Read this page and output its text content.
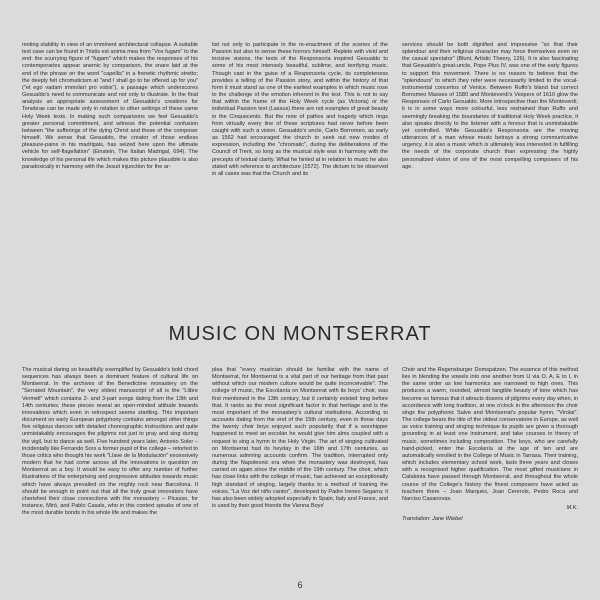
moting stability in view of an imminent architectural collapse. A suitable test case can be found in Tristis est anima mea from "Vos fugam" to the end: the scurrying figure of "fugam" which makes the responses of his contemporaries appear anemic by comparison, the snare laid at the end of the phrase on the word "capellis" in a frenetic rhythmic stretto; the deeply felt chromaticism at "and I shall go to be offered up for you" ("et ego vadam immolari pro vobis"), a passage which underscores Gesualdo's need to communicate and not only to illustrate. In the final analysis an appropriate assessment of Gesualdo's creations for Tenebrae can be made only in relation to other settings of these same Holy Week texts. In making such comparisons we feel Gesualdo's greater personal commitment, and witness the potential confusion between "the sufferings of the dying Christ and those of the composer himself. We sense that Gesualdo, the creator of those endless pleasure-pains in his madrigals, has seized here upon the ultimate vehicle for self-flagellation" (Einstein, The Italian Madrigal, 694). The knowledge of his personal life which makes this picture plausible is also paradoxically in harmony with the Jesuit injunction for the ar-

tist not only to participate in the re-enactment of the scenes of the Passion but also to sense these horrors himself. Replete with vivid and incisive visions, the texts of the Responsoria inspired Gesualdo to some of his most intensely beautiful, sublime, and terrifying music. Though cast in the guise of a Responsoria cycle, its completeness provides a telling of the Passion story, and within the history of that form it must stand as one of the earliest examples in which music rose to the challenge of the emotion inherent in the text. This is not to say that within the frame of the Holy Week cycle (as Victoria) or the individual Passion text (Lassus) there are not examples of great beauty in the Cinquecento. But the note of pathos and tragedy which rings from virtually every line of these scriptures had never before been caught with such a vision. Gesualdo's uncle, Carlo Borromeo, as early as 1562 had encouraged the church to seek out new modes of expression, including the "chromatic", during the deliberations of the Council of Trent, so long as the musical style was in harmony with the precepts of textual clarity. What he hinted at in relation to music he also stated with reference to architecture (1572). The dictum to be observed in all cases was that the Church and its

services should be both dignified and impressive "so that their splendour and their religious character may force themselves even on the casual spectator" (Blunt, Artistic Theory, 126). It is also fascinating that Gesualdo's great-uncle, Pope Pius IV, was one of the early figures to support this movement. There is no reason to believe that the "splendours" to which they refer were necessarily limited to the vocal-instrumental concertos of Venice. Between Ruffo's bland but correct Borromeo Masses of 1580 and Monteverdi's Vespers of 1610 glow the Responses of Carlo Gesualdo. More introspective than the Monteverdi, it is in some ways more colourful, less restrained than Ruffo and seemingly breaking the boundaries of traditional Holy Week practice, it also speaks directly to the listener with a fervour that is unmistakable yet controlled. While Gesualdo's Responsoria are the moving utterances of a man whose music betrays a strong communicative urgency, it is also a music which is ultimately less interested in fulfilling the needs of the corporate church than expressing the highly personalized vision of one of the most compelling composers of his age.

MUSIC ON MONTSERRAT

The musical daring so beautifully exemplified by Gesualdo's bold chord sequences has always been a dominant feature of cultural life on Montserrat. In the archives of the Benedictine monastery on the "Serrated Mountain", the very oldest manuscript of all is the "Llibre Vermell" which contains 2- and 3-part songs dating from the 13th and 14th centuries; these pieces reveal an open-minded attitude towards innovations which even in retrospect seems startling. This important document on early European polyphony contains amongst other things five religious dances with detailed choreographic instructions and quite unmistakably encourages the pilgrims not just to pray and sing during the vigil, but to dance as well. Five hundred years later, Antonio Soler – incidentally like Ferrando Sors a former pupil of the college – retorted to those critics who thought his work "Llave de la Modulación" excessively modern that he had come across all the innovations in question on Montserrat as a boy. It would be easy to offer any number of further illustrations of the enterprising and progressive attitudes towards music which have always prevailed on the mighty rock near Barcelona. It should be enough to point out that all the truly great innovators have cherished their close connections with the monastery – Picasso, for instance, Miró, and Pablo Casals, who in this context speaks of one of the most durable bonds in his whole life and makes the

plea that "every musician should be familiar with the name of Montserrat, for Montserrat is a vital part of our heritage from that past without which our modern culture would be quite inconceivable". The college of music, the Escolanía on Montserrat with its boys' choir, was first mentioned in the 13th century, but it certainly existed long before that. It ranks as the most significant factor in that heritage and is the most important of the monastery's cultural institutions. According to accounts dating from the end of the 15th century, even in those days the twenty choir boys enjoyed such popularity that if a worshipper happened to meet an escolán he would give him alms coupled with a request to sing a hymn to the Holy Virgin. The art of singing cultivated on Montserrat had its heyday in the 16th and 17th centuries, as numerous admiring accounts confirm. The tradition, interrupted only during the Napoleonic era when the monastery was destroyed, has carried on again since the middle of the 19th century. The choir, which has close links with the college of music, has achieved an exceptionally high standard of singing, largely thanks to a method of training the voices, "La Voz del niño cantor", developed by Padre Ireneo Segarra; it has also been widely adopted especially in Spain, Italy and France, and is used by their good friends the Vienna Boys'

Choir and the Regensburger Domspatzen. The essence of this method lies in blending the vowels into one another from U via O, A, E to I, in the same order as low harmonics are narrowed to high ones. This produces a warm, rounded, almost tangible beauty of tone which has become so famous that it attracts dozens of pilgrims every day when, in accordance with long tradition, at one o'clock in the afternoon the choir sings the polyphonic Salve and Montserrat's popular hymn, "Virolai". The college bears the title of the oldest conservatoire in Europe, as well as voice training and singing technique its pupils are given a thorough grounding in at least one instrument, and take courses in theory of music, sometimes including composition. The boys, who are carefully hand-picked, enter the Escolanía at the age of ten and are automatically enrolled in the College of Music in Tarrasa. Their training, which includes elementary school work, lasts three years and closes with a recognised higher qualification. The most gifted musicians in Catalonia have passed through Montserrat, and throughout the whole course of the College's history the finest composers have acted as teachers there – Joan Marquès, Joan Cererols, Pedro Roca and Narciso Casanovas.

M.K.
Translation: Jane Wiebel
6
